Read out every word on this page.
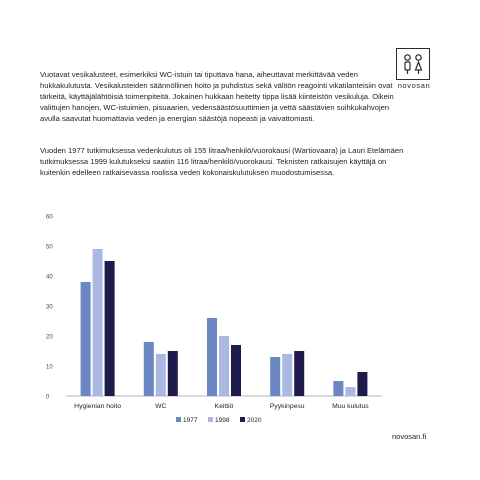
novosan

Vuotavat vesikalusteet, esimerkiksi WC-istuin tai tiputtava hana, aiheuttavat merkittävää veden hukkakulutusta. Vesikalusteiden säännöllinen hoito ja puhdistus sekä välitön reagointi vikatilanteisiin ovat tärkeitä, käyttäjälähtöisiä toimenpiteitä. Jokainen hukkaan heitetty tippa lisää kiinteistön vesikuluja. Oikein valittujen hanojen, WC-istuimien, pisuaarien, vedensäästösuuttimien ja vettä säästävien suihkukahvojen avulla saavutat huomattavia veden ja energian säästöjä nopeasti ja vaivattomasti.

Vuoden 1977 tutkimuksessa vedenkulutus oli 155 litraa/henkilö/vuorokausi (Wartiovaara) ja Lauri Etelämäen tutkimuksessa 1999 kulutukseksi saatiin 116 litraa/henkilö/vuorokausi. Teknisten ratkaisujen käyttäjä on kuitenkin edelleen ratkaisevassa roolissa veden kokonaiskulutuksen muodostumisessa.

0
10
20
30
40
50
60
Hygienian hoito	WC	Keittiö	Pyykinpesu	Muu kulutus
1977	1998	2020
novosan.fi
